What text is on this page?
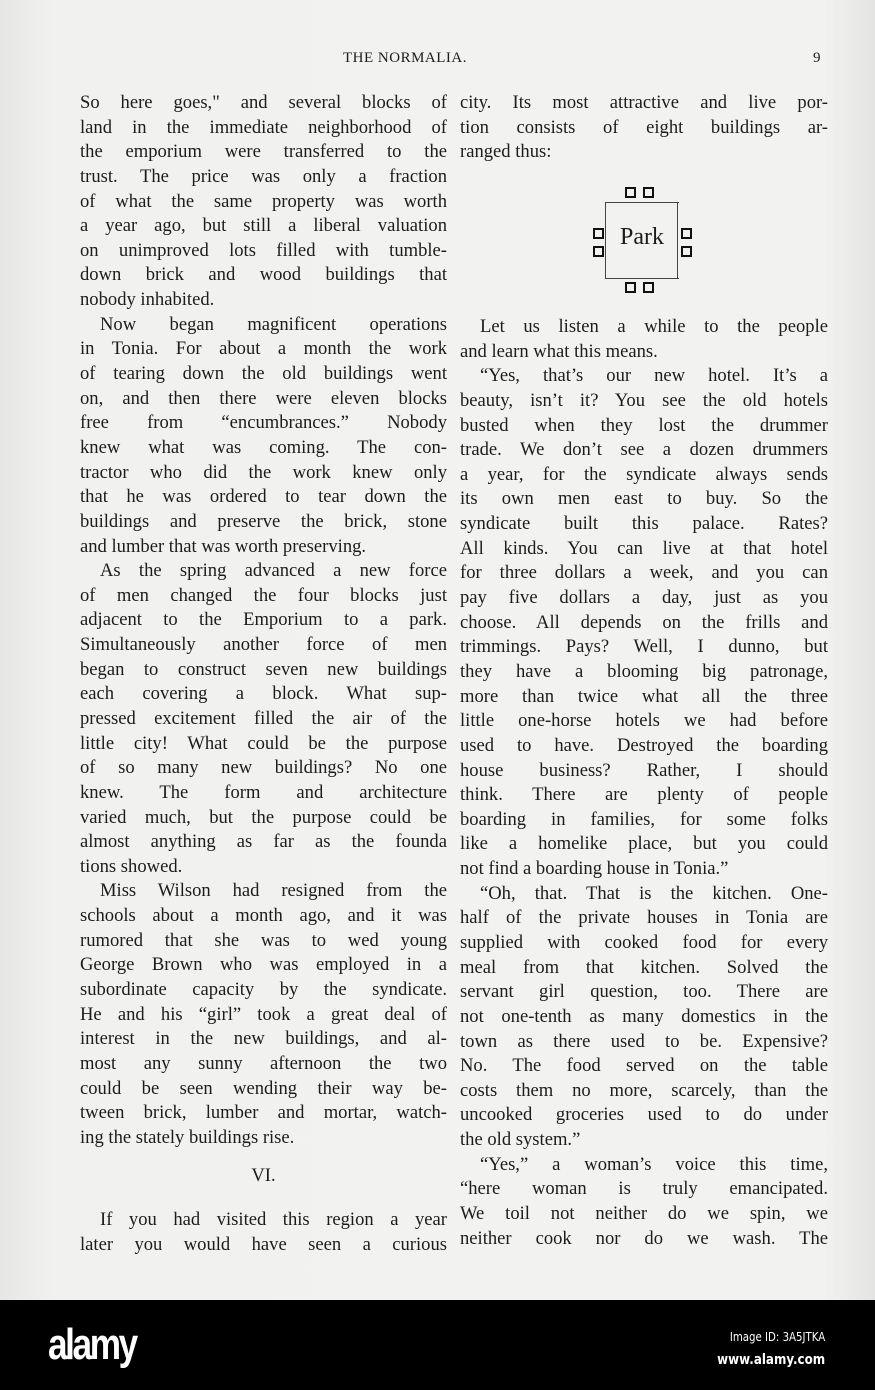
THE NORMALIA.	9
So here goes," and several blocks of
land in the immediate neighborhood of
the emporium were transferred to the
trust. The price was only a fraction
of what the same property was worth
a year ago, but still a liberal valuation
on unimproved lots filled with tumble-
down brick and wood buildings that
nobody inhabited.
Now began magnificent operations
in Tonia. For about a month the work
of tearing down the old buildings went
on, and then there were eleven blocks
free from “encumbrances.” Nobody
knew what was coming. The con-
tractor who did the work knew only
that he was ordered to tear down the
buildings and preserve the brick, stone
and lumber that was worth preserving.
As the spring advanced a new force
of men changed the four blocks just
adjacent to the Emporium to a park.
Simultaneously another force of men
began to construct seven new buildings
each covering a block. What sup-
pressed excitement filled the air of the
little city! What could be the purpose
of so many new buildings? No one
knew. The form and architecture
varied much, but the purpose could be
almost anything as far as the founda
tions showed.
Miss Wilson had resigned from the
schools about a month ago, and it was
rumored that she was to wed young
George Brown who was employed in a
subordinate capacity by the syndicate.
He and his “girl” took a great deal of
interest in the new buildings, and al-
most any sunny afternoon the two
could be seen wending their way be-
tween brick, lumber and mortar, watch-
ing the stately buildings rise.
If you had visited this region a year
later you would have seen a curious
city. Its most attractive and live por-
tion consists of eight buildings ar-
ranged thus:
Let us listen a while to the people
and learn what this means.
“Yes, that’s our new hotel. It’s a
beauty, isn’t it? You see the old hotels
busted when they lost the drummer
trade. We don’t see a dozen drummers
a year, for the syndicate always sends
its own men east to buy. So the
syndicate built this palace. Rates?
All kinds. You can live at that hotel
for three dollars a week, and you can
pay five dollars a day, just as you
choose. All depends on the frills and
trimmings. Pays? Well, I dunno, but
they have a blooming big patronage,
more than twice what all the three
little one-horse hotels we had before
used to have. Destroyed the boarding
house business? Rather, I should
think. There are plenty of people
boarding in families, for some folks
like a homelike place, but you could
not find a boarding house in Tonia.”
“Oh, that. That is the kitchen. One-
half of the private houses in Tonia are
supplied with cooked food for every
meal from that kitchen. Solved the
servant girl question, too. There are
not one-tenth as many domestics in the
town as there used to be. Expensive?
No. The food served on the table
costs them no more, scarcely, than the
uncooked groceries used to do under
the old system.”
“Yes,” a woman’s voice this time,
“here woman is truly emancipated.
We toil not neither do we spin, we
neither cook nor do we wash. The
VI.
Park
alamy	Image ID: 3A5JTKA
www.alamy.com
